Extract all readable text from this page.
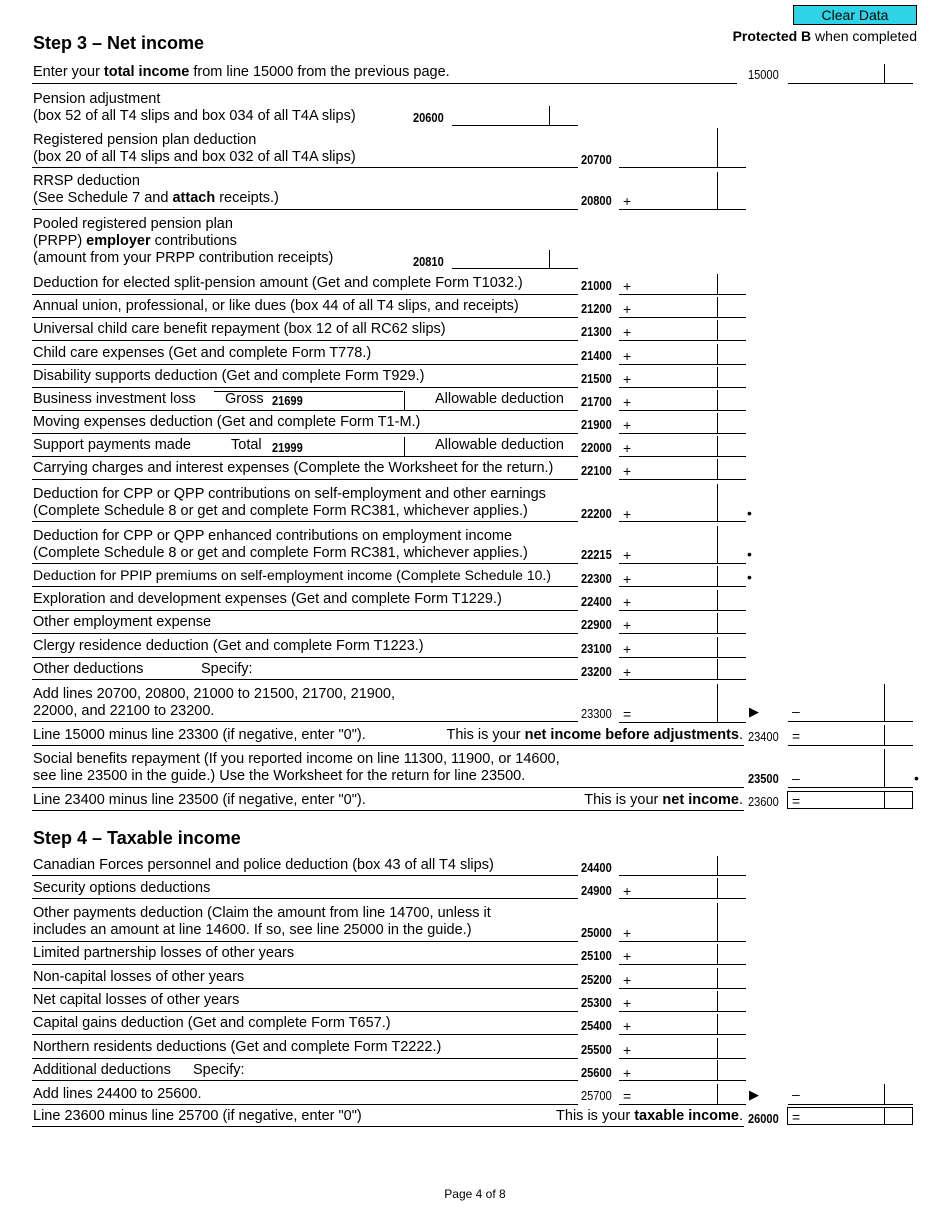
Clear Data
Protected B when completed
Step 3 – Net income
Enter your total income from line 15000 from the previous page.	15000
Pension adjustment
(box 52 of all T4 slips and box 034 of all T4A slips)	20600
Registered pension plan deduction
(box 20 of all T4 slips and box 032 of all T4A slips)	20700
RRSP deduction
(See Schedule 7 and attach receipts.)	20800 +
Pooled registered pension plan
(PRPP) employer contributions
(amount from your PRPP contribution receipts)	20810
Deduction for elected split-pension amount (Get and complete Form T1032.)	21000 +
Annual union, professional, or like dues (box 44 of all T4 slips, and receipts)	21200 +
Universal child care benefit repayment (box 12 of all RC62 slips)	21300 +
Child care expenses (Get and complete Form T778.)	21400 +
Disability supports deduction (Get and complete Form T929.)	21500 +
Business investment loss Gross 21699	Allowable deduction 21700 +
Moving expenses deduction (Get and complete Form T1-M.)	21900 +
Support payments made	Total 21999	Allowable deduction 22000 +
Carrying charges and interest expenses (Complete the Worksheet for the return.) 22100 +
Deduction for CPP or QPP contributions on self-employment and other earnings
(Complete Schedule 8 or get and complete Form RC381, whichever applies.)	22200 +	•
Deduction for CPP or QPP enhanced contributions on employment income
(Complete Schedule 8 or get and complete Form RC381, whichever applies.)	22215 +	•
Deduction for PPIP premiums on self-employment income (Complete Schedule 10.) 22300 +	•
Exploration and development expenses (Get and complete Form T1229.)	22400 +
Other employment expense	22900 +
Clergy residence deduction (Get and complete Form T1223.)	23100 +
Other deductions	Specify:	23200 +
Add lines 20700, 20800, 21000 to 21500, 21700, 21900,
22000, and 22100 to 23200.	23300 =	▶ –
Line 15000 minus line 23300 (if negative, enter "0").	This is your net income before adjustments. 23400 =
Social benefits repayment (If you reported income on line 11300, 11900, or 14600,
see line 23500 in the guide.) Use the Worksheet for the return for line 23500.	23500 –	•
Line 23400 minus line 23500 (if negative, enter "0").	This is your net income. 23600 =
Step 4 – Taxable income
Canadian Forces personnel and police deduction (box 43 of all T4 slips)	24400
Security options deductions	24900 +
Other payments deduction (Claim the amount from line 14700, unless it
includes an amount at line 14600. If so, see line 25000 in the guide.)	25000 +
Limited partnership losses of other years	25100 +
Non-capital losses of other years	25200 +
Net capital losses of other years	25300 +
Capital gains deduction (Get and complete Form T657.)	25400 +
Northern residents deductions (Get and complete Form T2222.)	25500 +
Additional deductions Specify:	25600 +
Add lines 24400 to 25600.	25700 =	▶ –
Line 23600 minus line 25700 (if negative, enter "0")	This is your taxable income. 26000 =
Page 4 of 8
